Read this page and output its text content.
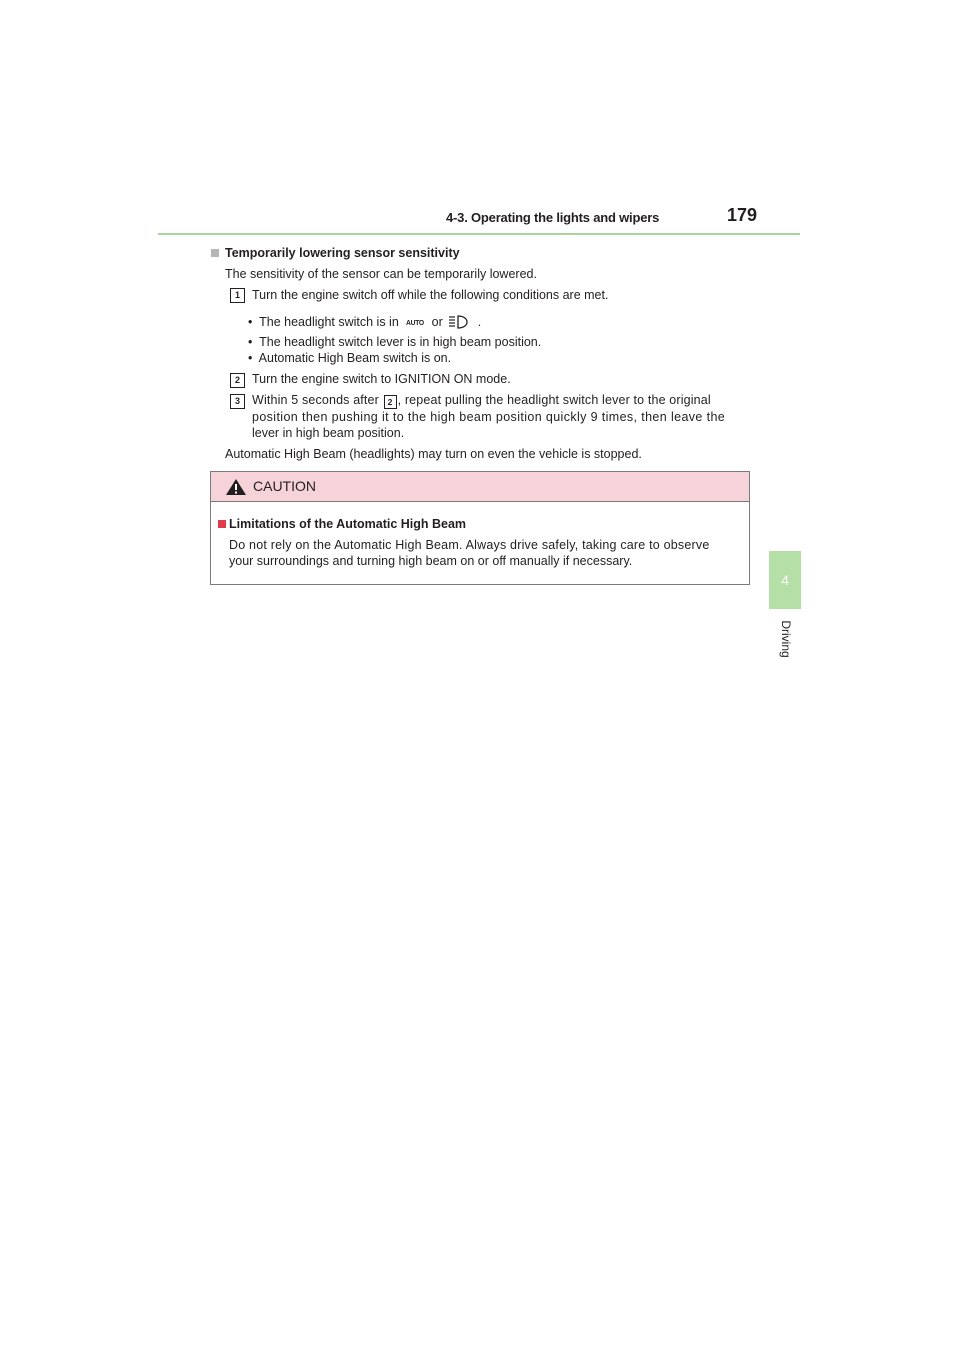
4-3. Operating the lights and wipers	179
4
Driving
Temporarily lowering sensor sensitivity
The sensitivity of the sensor can be temporarily lowered.
1 Turn the engine switch off while the following conditions are met.
• The headlight switch is in AUTO or	.
• The headlight switch lever is in high beam position.
• Automatic High Beam switch is on.
2 Turn the engine switch to IGNITION ON mode.
3 Within 5 seconds after 2 , repeat pulling the headlight switch lever to the original
position then pushing it to the high beam position quickly 9 times, then leave the
lever in high beam position.
Automatic High Beam (headlights) may turn on even the vehicle is stopped.
CAUTION
Limitations of the Automatic High Beam
Do not rely on the Automatic High Beam. Always drive safely, taking care to observe
your surroundings and turning high beam on or off manually if necessary.
